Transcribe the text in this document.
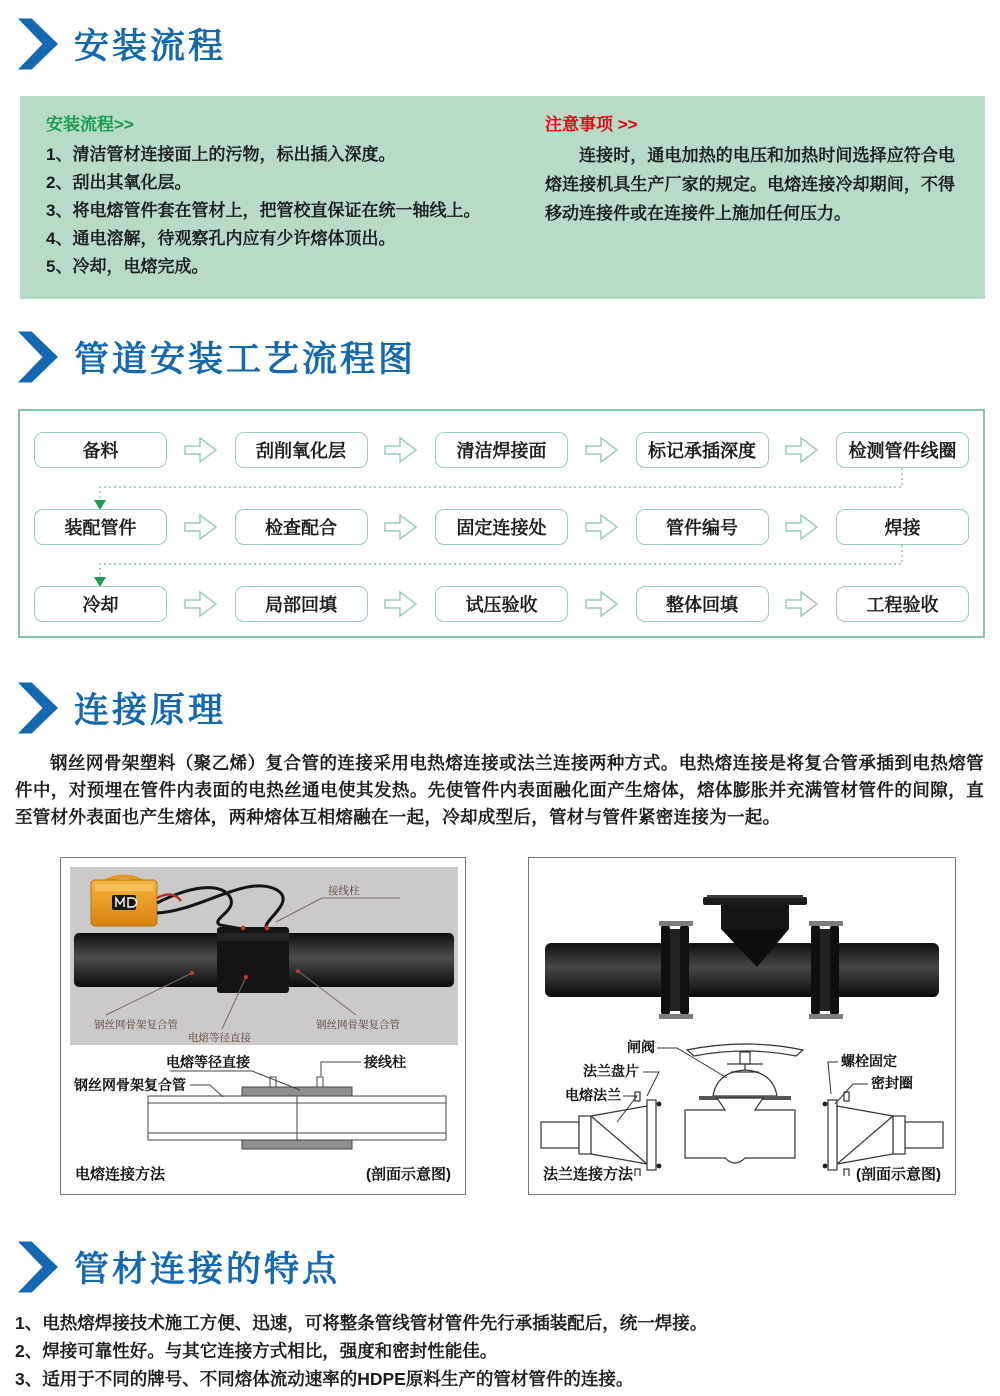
安装流程
安装流程>>
1、清洁管材连接面上的污物，标出插入深度。
2、刮出其氧化层。
3、将电熔管件套在管材上，把管校直保证在统一轴线上。
4、通电溶解，待观察孔内应有少许熔体顶出。
5、冷却，电熔完成。
注意事项 >>
连接时，通电加热的电压和加热时间选择应符合电熔连接机具生产厂家的规定。电熔连接冷却期间，不得移动连接件或在连接件上施加任何压力。
管道安装工艺流程图
备料	刮削氧化层	清洁焊接面	标记承插深度	检测管件线圈
装配管件	检查配合	固定连接处	管件编号	焊接
冷却	局部回填	试压验收	整体回填	工程验收
连接原理
钢丝网骨架塑料（聚乙烯）复合管的连接采用电热熔连接或法兰连接两种方式。电热熔连接是将复合管承插到电热熔管件中，对预埋在管件内表面的电热丝通电使其发热。先使管件内表面融化面产生熔体，熔体膨胀并充满管材管件的间隙，直至管材外表面也产生熔体，两种熔体互相熔融在一起，冷却成型后，管材与管件紧密连接为一起。
接线柱
钢丝网骨架复合管
电熔等径直接
钢丝网骨架复合管

电熔等径直接	接线柱
钢丝网骨架复合管
电熔连接方法	(剖面示意图)

闸阀
法兰盘片
电熔法兰
螺栓固定
密封圈
法兰连接方法	(剖面示意图)
管材连接的特点
1、电热熔焊接技术施工方便、迅速，可将整条管线管材管件先行承插装配后，统一焊接。
2、焊接可靠性好。与其它连接方式相比，强度和密封性能佳。
3、适用于不同的牌号、不同熔体流动速率的HDPE原料生产的管材管件的连接。
